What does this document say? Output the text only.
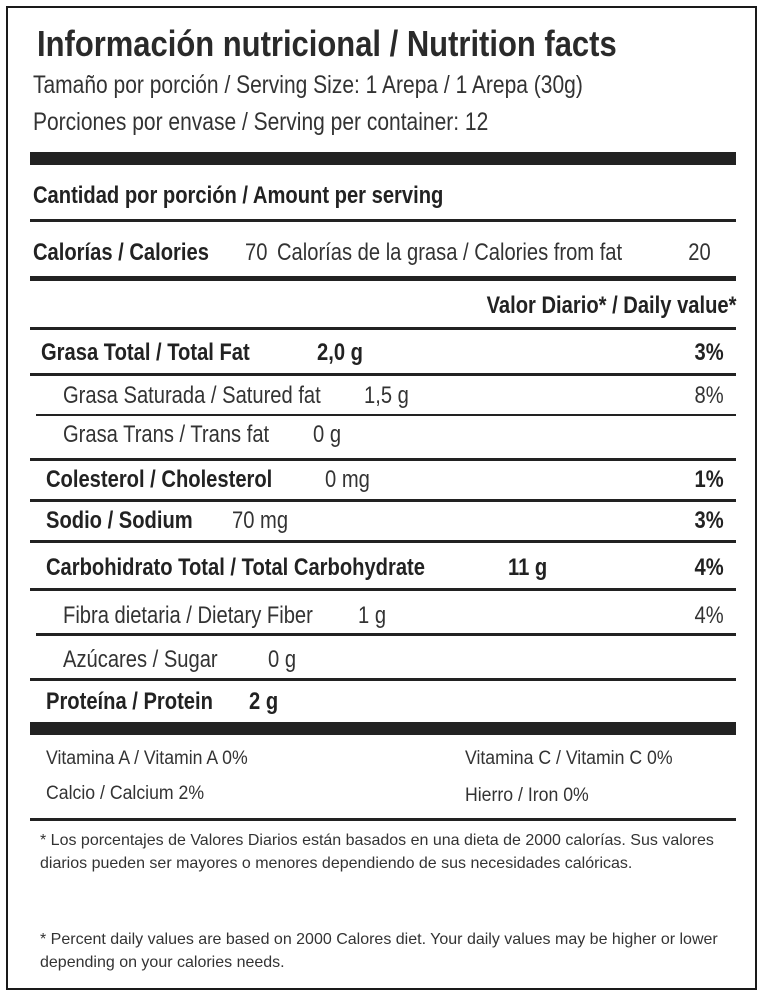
Información nutricional / Nutrition facts
Tamaño por porción / Serving Size: 1 Arepa / 1 Arepa (30g)
Porciones por envase / Serving per container: 12
Cantidad por porción / Amount per serving
Calorías / Calories 70 Calorías de la grasa / Calories from fat	20
Valor Diario* / Daily value*
Grasa Total / Total Fat	2,0 g	3%
Grasa Saturada / Satured fat 1,5 g	8%
Grasa Trans / Trans fat 0 g
Colesterol / Cholesterol 0 mg	1%
Sodio / Sodium 70 mg	3%
Carbohidrato Total / Total Carbohydrate	11 g	4%
Fibra dietaria / Dietary Fiber 1 g	4%
Azúcares / Sugar 0 g
Proteína / Protein 2 g
Vitamina A / Vitamin A 0%	Vitamina C / Vitamin C 0%
Calcio / Calcium 2%	Hierro / Iron 0%
* Los porcentajes de Valores Diarios están basados en una dieta de 2000 calorías. Sus valores diarios pueden ser mayores o menores dependiendo de sus necesidades calóricas.
* Percent daily values are based on 2000 Calores diet. Your daily values may be higher or lower depending on your calories needs.
